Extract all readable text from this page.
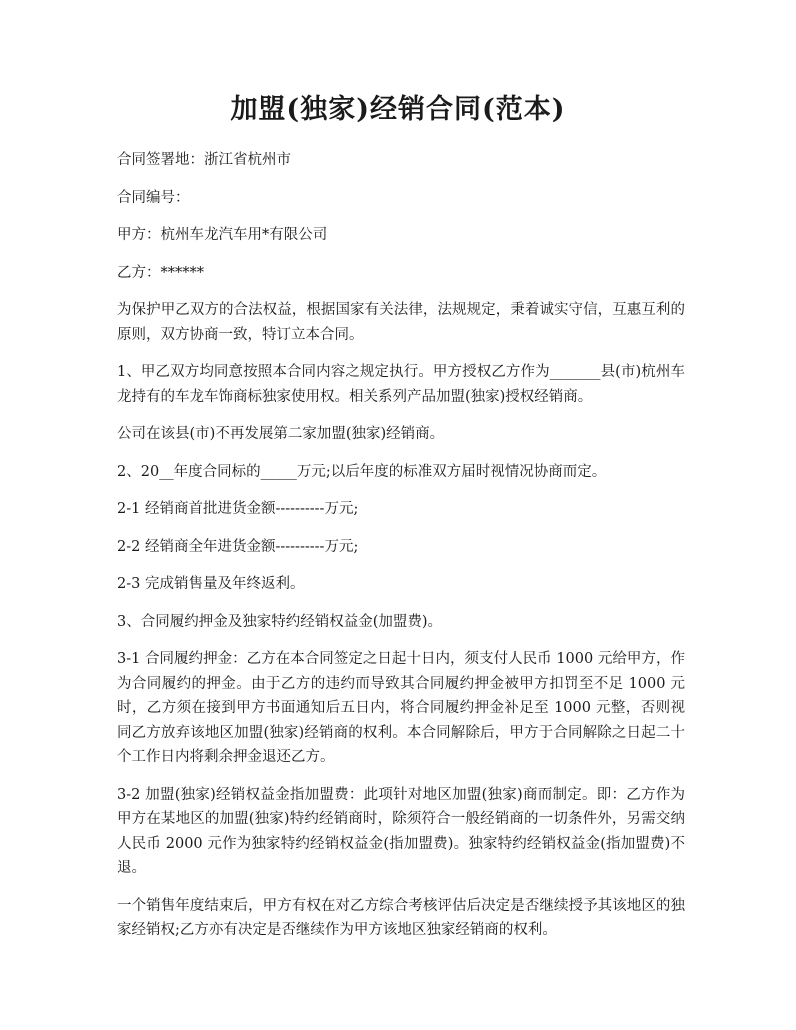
加盟(独家)经销合同(范本)

合同签署地：浙江省杭州市

合同编号：

甲方：杭州车龙汽车用*有限公司

乙方：******

为保护甲乙双方的合法权益，根据国家有关法律，法规规定，秉着诚实守信，互惠互利的原则，双方协商一致，特订立本合同。

1、甲乙双方均同意按照本合同内容之规定执行。甲方授权乙方作为_______县(市)杭州车龙持有的车龙车饰商标独家使用权。相关系列产品加盟(独家)授权经销商。

公司在该县(市)不再发展第二家加盟(独家)经销商。

2、20__年度合同标的_____万元;以后年度的标准双方届时视情况协商而定。

2-1 经销商首批进货金额----------万元;

2-2 经销商全年进货金额----------万元;

2-3 完成销售量及年终返利。

3、合同履约押金及独家特约经销权益金(加盟费)。

3-1 合同履约押金：乙方在本合同签定之日起十日内，须支付人民币 1000 元给甲方，作为合同履约的押金。由于乙方的违约而导致其合同履约押金被甲方扣罚至不足 1000 元时，乙方须在接到甲方书面通知后五日内，将合同履约押金补足至 1000 元整，否则视同乙方放弃该地区加盟(独家)经销商的权利。本合同解除后，甲方于合同解除之日起二十个工作日内将剩余押金退还乙方。

3-2 加盟(独家)经销权益金指加盟费：此项针对地区加盟(独家)商而制定。即：乙方作为甲方在某地区的加盟(独家)特约经销商时，除须符合一般经销商的一切条件外，另需交纳人民币 2000 元作为独家特约经销权益金(指加盟费)。独家特约经销权益金(指加盟费)不退。

一个销售年度结束后，甲方有权在对乙方综合考核评估后决定是否继续授予其该地区的独家经销权;乙方亦有决定是否继续作为甲方该地区独家经销商的权利。
